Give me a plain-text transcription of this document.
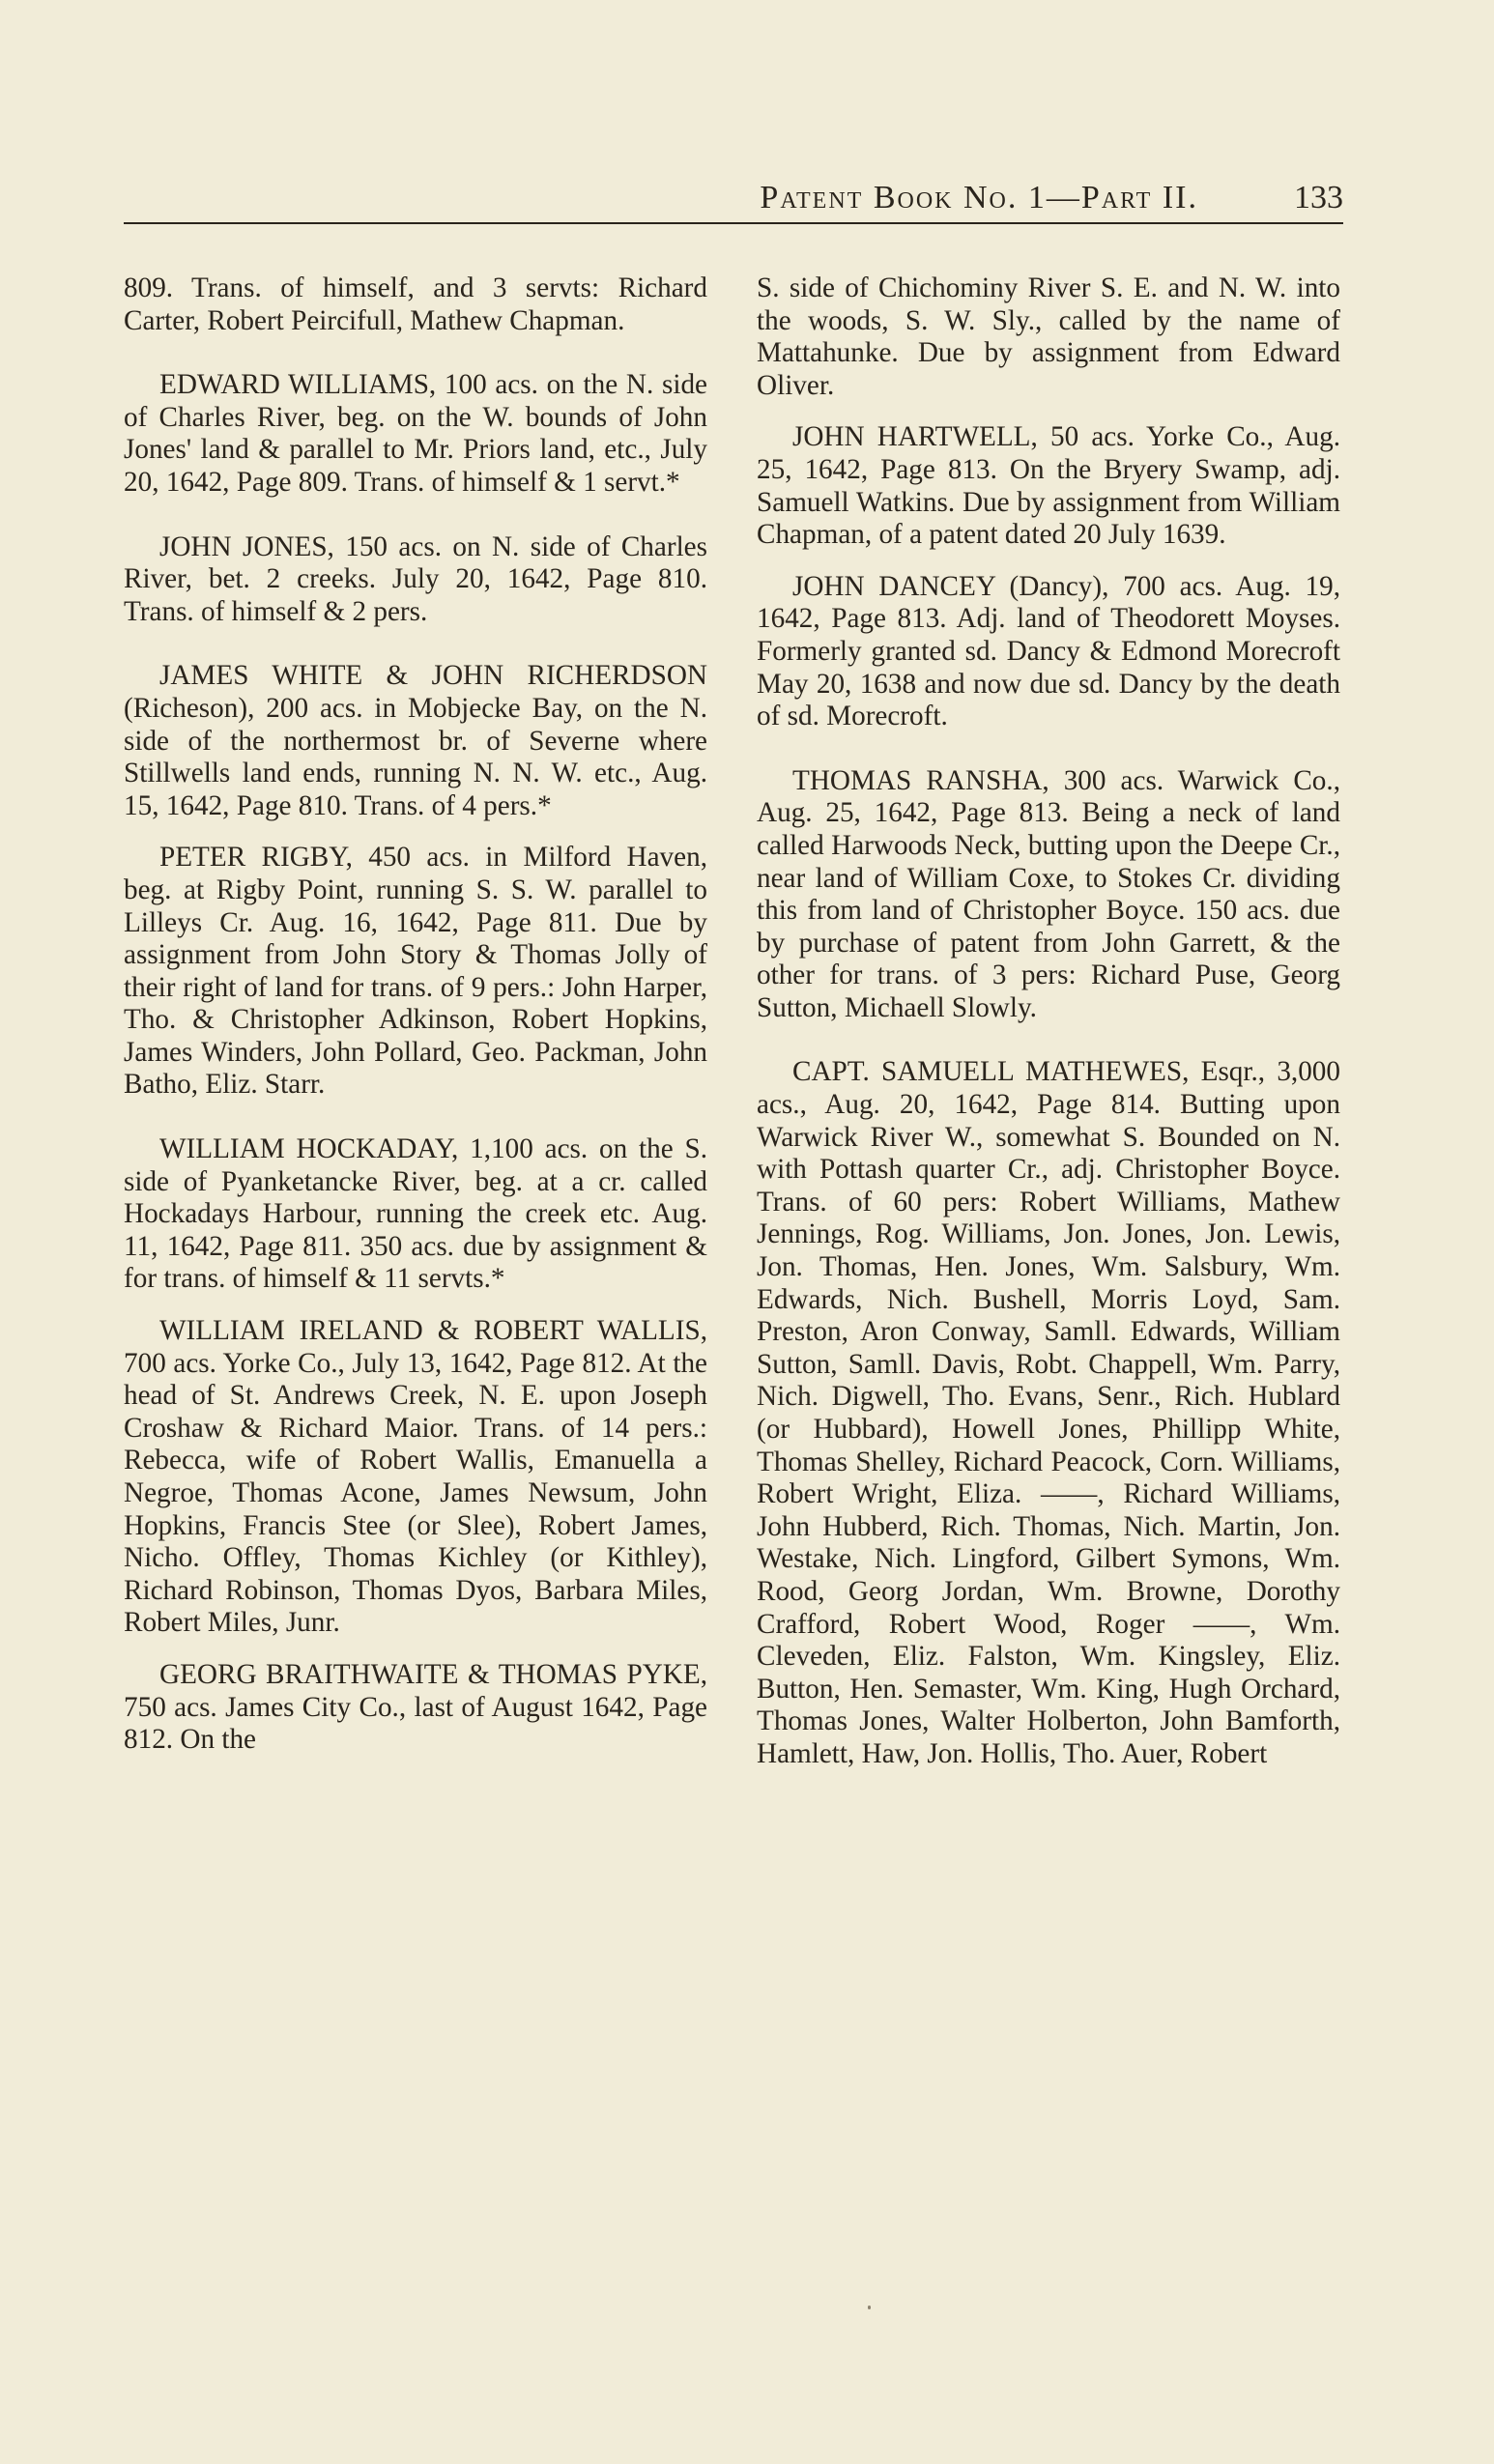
Patent Book No. 1—Part II.	133

809. Trans. of himself, and 3 servts: Richard Carter, Robert Peircifull, Mathew Chapman.

EDWARD WILLIAMS, 100 acs. on the N. side of Charles River, beg. on the W. bounds of John Jones' land & parallel to Mr. Priors land, etc., July 20, 1642, Page 809. Trans. of himself & 1 servt.*

JOHN JONES, 150 acs. on N. side of Charles River, bet. 2 creeks. July 20, 1642, Page 810. Trans. of himself & 2 pers.

JAMES WHITE & JOHN RICHERDSON (Richeson), 200 acs. in Mobjecke Bay, on the N. side of the northermost br. of Severne where Stillwells land ends, running N. N. W. etc., Aug. 15, 1642, Page 810. Trans. of 4 pers.*

PETER RIGBY, 450 acs. in Milford Haven, beg. at Rigby Point, running S. S. W. parallel to Lilleys Cr. Aug. 16, 1642, Page 811. Due by assignment from John Story & Thomas Jolly of their right of land for trans. of 9 pers.: John Harper, Tho. & Christopher Adkinson, Robert Hopkins, James Winders, John Pollard, Geo. Packman, John Batho, Eliz. Starr.

WILLIAM HOCKADAY, 1,100 acs. on the S. side of Pyanketancke River, beg. at a cr. called Hockadays Harbour, running the creek etc. Aug. 11, 1642, Page 811. 350 acs. due by assignment & for trans. of himself & 11 servts.*

WILLIAM IRELAND & ROBERT WALLIS, 700 acs. Yorke Co., July 13, 1642, Page 812. At the head of St. Andrews Creek, N. E. upon Joseph Croshaw & Richard Maior. Trans. of 14 pers.: Rebecca, wife of Robert Wallis, Emanuella a Negroe, Thomas Acone, James Newsum, John Hopkins, Francis Stee (or Slee), Robert James, Nicho. Offley, Thomas Kichley (or Kithley), Richard Robinson, Thomas Dyos, Barbara Miles, Robert Miles, Junr.

GEORG BRAITHWAITE & THOMAS PYKE, 750 acs. James City Co., last of August 1642, Page 812. On the

S. side of Chichominy River S. E. and N. W. into the woods, S. W. Sly., called by the name of Mattahunke. Due by assignment from Edward Oliver.

JOHN HARTWELL, 50 acs. Yorke Co., Aug. 25, 1642, Page 813. On the Bryery Swamp, adj. Samuell Watkins. Due by assignment from William Chapman, of a patent dated 20 July 1639.

JOHN DANCEY (Dancy), 700 acs. Aug. 19, 1642, Page 813. Adj. land of Theodorett Moyses. Formerly granted sd. Dancy & Edmond Morecroft May 20, 1638 and now due sd. Dancy by the death of sd. Morecroft.

THOMAS RANSHA, 300 acs. Warwick Co., Aug. 25, 1642, Page 813. Being a neck of land called Harwoods Neck, butting upon the Deepe Cr., near land of William Coxe, to Stokes Cr. dividing this from land of Christopher Boyce. 150 acs. due by purchase of patent from John Garrett, & the other for trans. of 3 pers: Richard Puse, Georg Sutton, Michaell Slowly.

CAPT. SAMUELL MATHEWES, Esqr., 3,000 acs., Aug. 20, 1642, Page 814. Butting upon Warwick River W., somewhat S. Bounded on N. with Pottash quarter Cr., adj. Christopher Boyce. Trans. of 60 pers: Robert Williams, Mathew Jennings, Rog. Williams, Jon. Jones, Jon. Lewis, Jon. Thomas, Hen. Jones, Wm. Salsbury, Wm. Edwards, Nich. Bushell, Morris Loyd, Sam. Preston, Aron Conway, Samll. Edwards, William Sutton, Samll. Davis, Robt. Chappell, Wm. Parry, Nich. Digwell, Tho. Evans, Senr., Rich. Hublard (or Hubbard), Howell Jones, Phillipp White, Thomas Shelley, Richard Peacock, Corn. Williams, Robert Wright, Eliza. ——, Richard Williams, John Hubberd, Rich. Thomas, Nich. Martin, Jon. Westake, Nich. Lingford, Gilbert Symons, Wm. Rood, Georg Jordan, Wm. Browne, Dorothy Crafford, Robert Wood, Roger ——, Wm. Cleveden, Eliz. Falston, Wm. Kingsley, Eliz. Button, Hen. Semaster, Wm. King, Hugh Orchard, Thomas Jones, Walter Holberton, John Bamforth, Hamlett, Haw, Jon. Hollis, Tho. Auer, Robert
